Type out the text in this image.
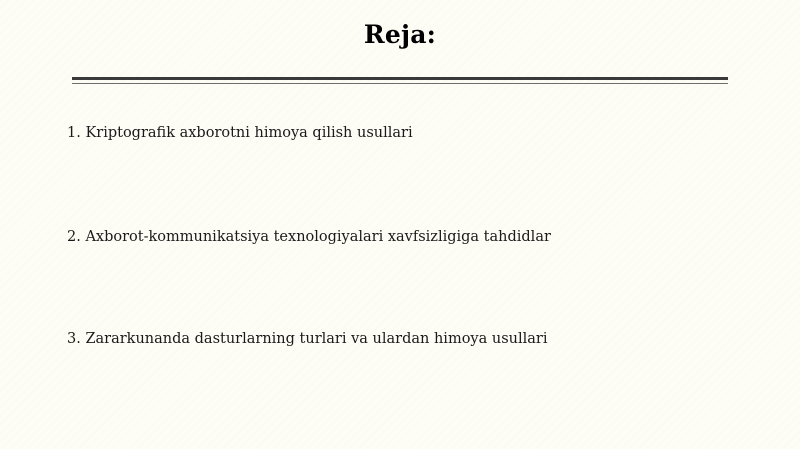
Reja:
1. Kriptografik axborotni himoya qilish usullari
2. Axborot-kommunikatsiya texnologiyalari xavfsizligiga tahdidlar
3. Zararkunanda dasturlarning turlari va ulardan himoya usullari
